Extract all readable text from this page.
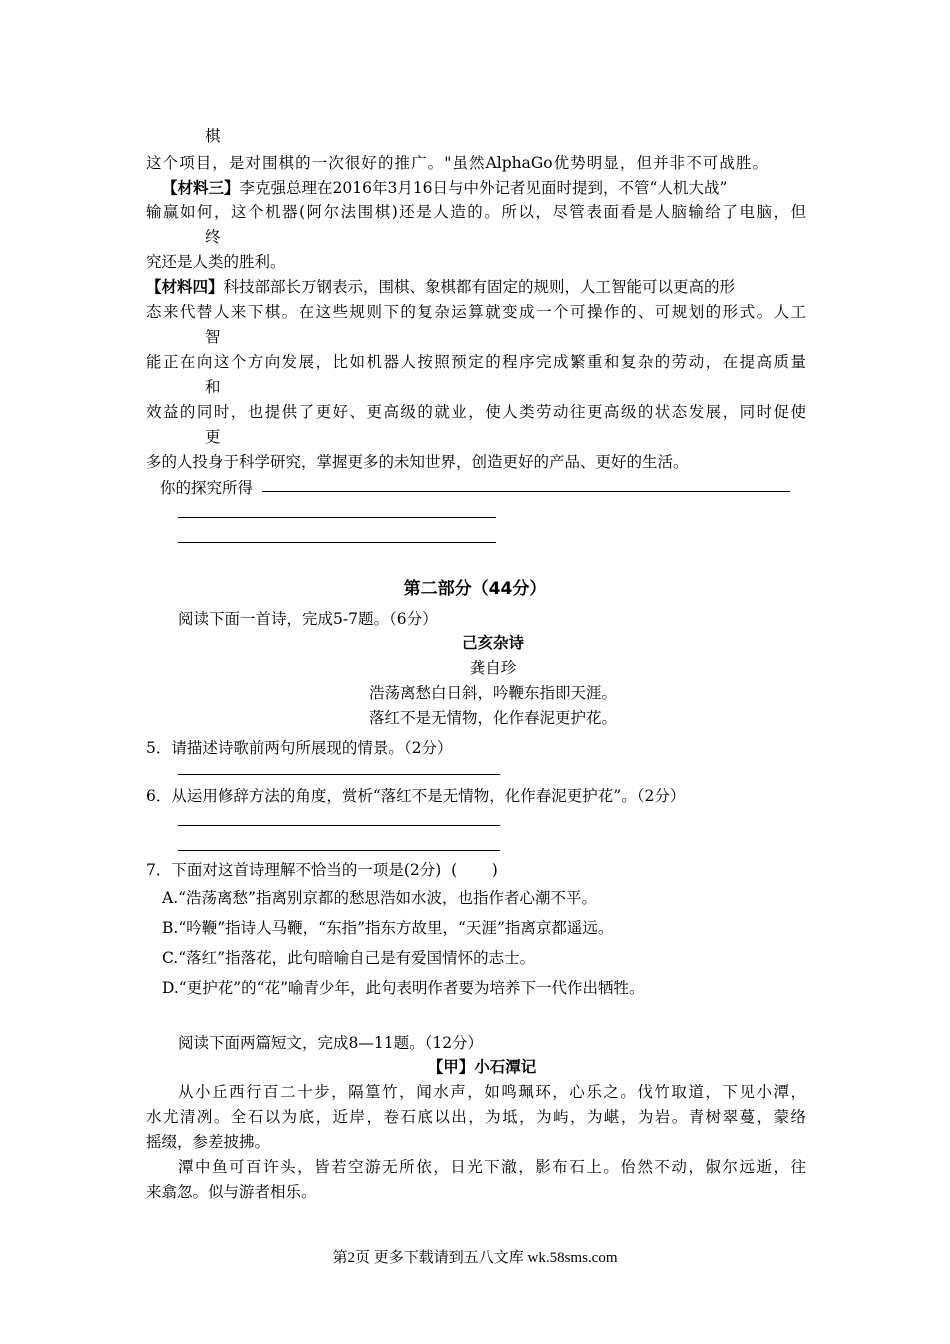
棋
这个项目，是对围棋的一次很好的推广。"虽然AlphaGo优势明显，但并非不可战胜。
【材料三】李克强总理在2016年3月16日与中外记者见面时提到，不管“人机大战”
输赢如何，这个机器(阿尔法围棋)还是人造的。所以，尽管表面看是人脑输给了电脑，但
终
究还是人类的胜利。
【材料四】科技部部长万钢表示，围棋、象棋都有固定的规则，人工智能可以更高的形
态来代替人来下棋。在这些规则下的复杂运算就变成一个可操作的、可规划的形式。人工
智
能正在向这个方向发展，比如机器人按照预定的程序完成繁重和复杂的劳动，在提高质量
和
效益的同时，也提供了更好、更高级的就业，使人类劳动往更高级的状态发展，同时促使
更
多的人投身于科学研究，掌握更多的未知世界，创造更好的产品、更好的生活。
你的探究所得
第二部分（44分）
阅读下面一首诗，完成5-7题。（6分）
己亥杂诗
龚自珍
浩荡离愁白日斜，吟鞭东指即天涯。
落红不是无情物，化作春泥更护花。
5．请描述诗歌前两句所展现的情景。（2分）
6．从运用修辞方法的角度，赏析“落红不是无情物，化作春泥更护花”。（2分）
7．下面对这首诗理解不恰当的一项是(2分)  (       )
A.“浩荡离愁”指离别京都的愁思浩如水波，也指作者心潮不平。
B.“吟鞭”指诗人马鞭，“东指”指东方故里，“天涯”指离京都遥远。
C.“落红”指落花，此句暗喻自己是有爱国情怀的志士。
D.“更护花”的“花”喻青少年，此句表明作者要为培养下一代作出牺牲。
阅读下面两篇短文，完成8—11题。（12分）
【甲】小石潭记
从小丘西行百二十步，隔篁竹，闻水声，如鸣珮环，心乐之。伐竹取道，下见小潭，
水尤清冽。全石以为底，近岸，卷石底以出，为坻，为屿，为嵁，为岩。青树翠蔓，蒙络
摇缀，参差披拂。
潭中鱼可百许头，皆若空游无所依，日光下澈，影布石上。佁然不动，俶尔远逝，往
来翕忽。似与游者相乐。
第2页 更多下载请到五八文库 wk.58sms.com
